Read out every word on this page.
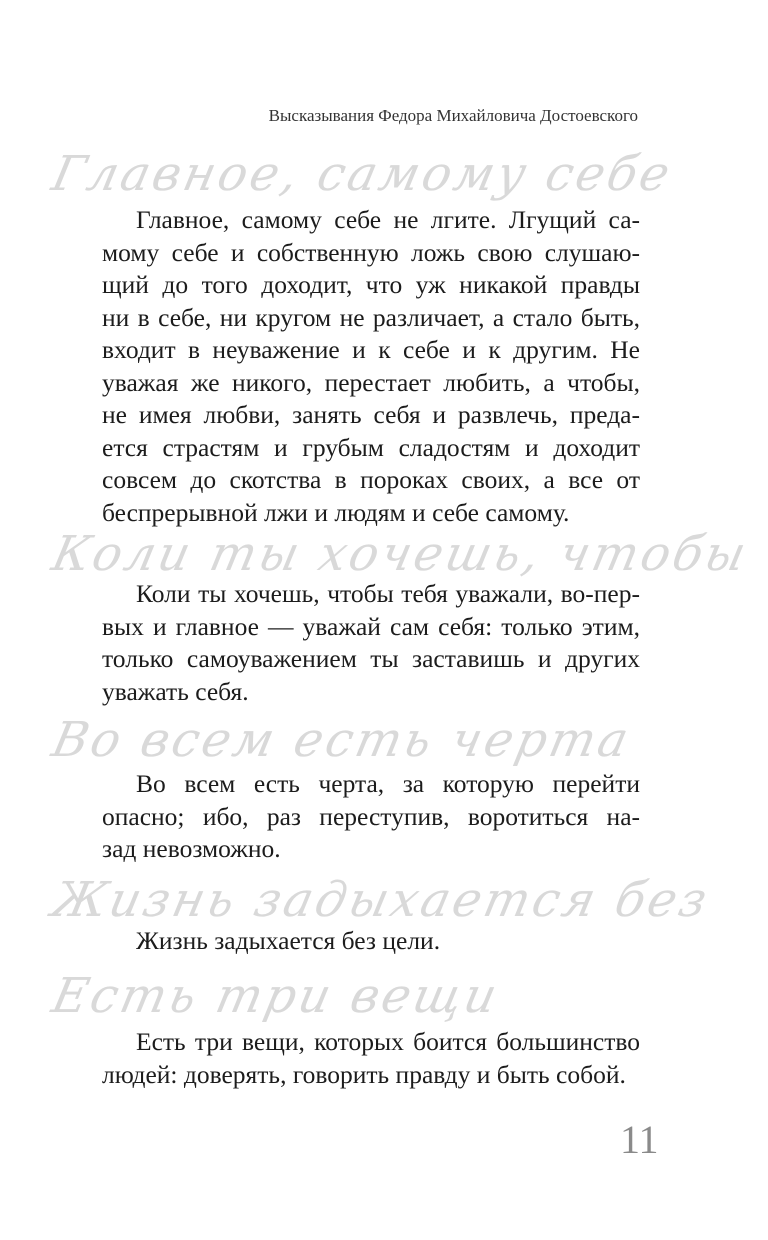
Высказывания Федора Михайловича Достоевского
Главное, самому себе
Главное, самому себе не лгите. Лгущий са-
мому себе и собственную ложь свою слушаю-
щий до того доходит, что уж никакой правды
ни в себе, ни кругом не различает, а стало быть,
входит в неуважение и к себе и к другим. Не
уважая же никого, перестает любить, а чтобы,
не имея любви, занять себя и развлечь, преда-
ется страстям и грубым сладостям и доходит
совсем до скотства в пороках своих, а все от
беспрерывной лжи и людям и себе самому.
Коли ты хочешь, чтобы
Коли ты хочешь, чтобы тебя уважали, во-пер-
вых и главное — уважай сам себя: только этим,
только самоуважением ты заставишь и других
уважать себя.
Во всем есть черта
Во всем есть черта, за которую перейти
опасно; ибо, раз переступив, воротиться на-
зад невозможно.
Жизнь задыхается без
Жизнь задыхается без цели.
Есть три вещи
Есть три вещи, которых боится большинство
людей: доверять, говорить правду и быть собой.
11
